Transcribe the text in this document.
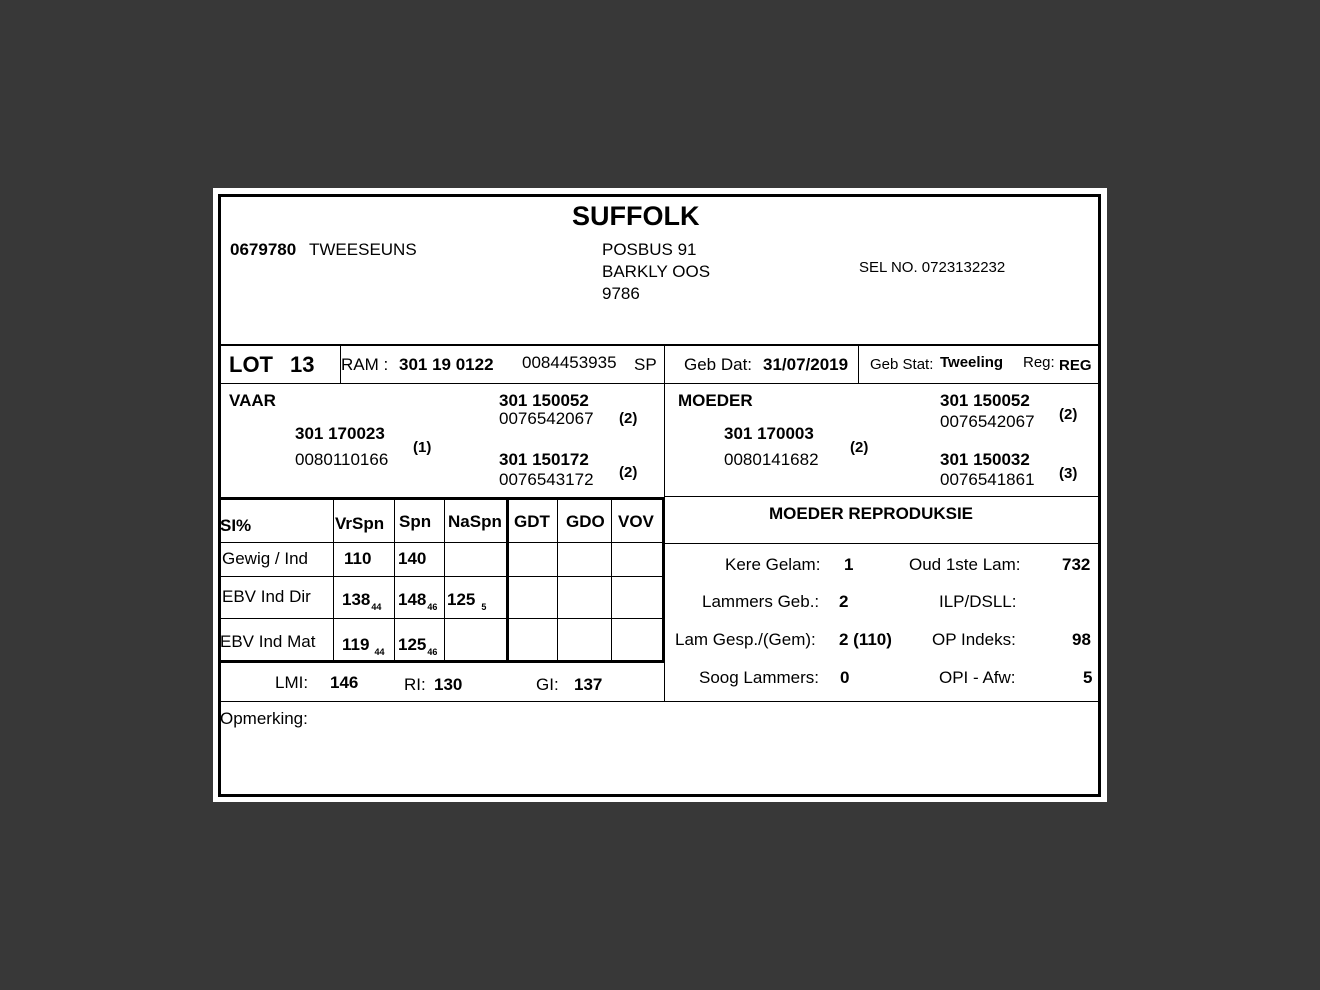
SUFFOLK
0679780 TWEESEUNS	POSBUS 91
BARKLY OOS
9786
SEL NO. 0723132232
LOT 13 RAM : 301 19 0122 0084453935 SP Geb Dat: 31/07/2019 Geb Stat: Tweeling Reg: REG
VAAR
301 170023
0080110166
(1)
301 150052
0076542067 (2)
301 150172
0076543172 (2)
MOEDER
301 170003
0080141682
(2)
301 150052
0076542067 (2)
301 150032
0076541861 (3)
SI%	VrSpn Spn NaSpn GDT GDO VOV
Gewig / Ind 110 140
EBV Ind Dir $138_{44}$ $148_{46}$ 125 $_5$
EBV Ind Mat 119 $_{44}$ $125_{46}$
LMI: 146	RI: 130	GI: 137
MOEDER REPRODUKSIE
Kere Gelam: 1	Oud 1ste Lam: 732
Lammers Geb.: 2	ILP/DSLL:
Lam Gesp./(Gem): 2 (110) OP Indeks:	98
Soog Lammers: 0	OPI - Afw:	5
Opmerking:
